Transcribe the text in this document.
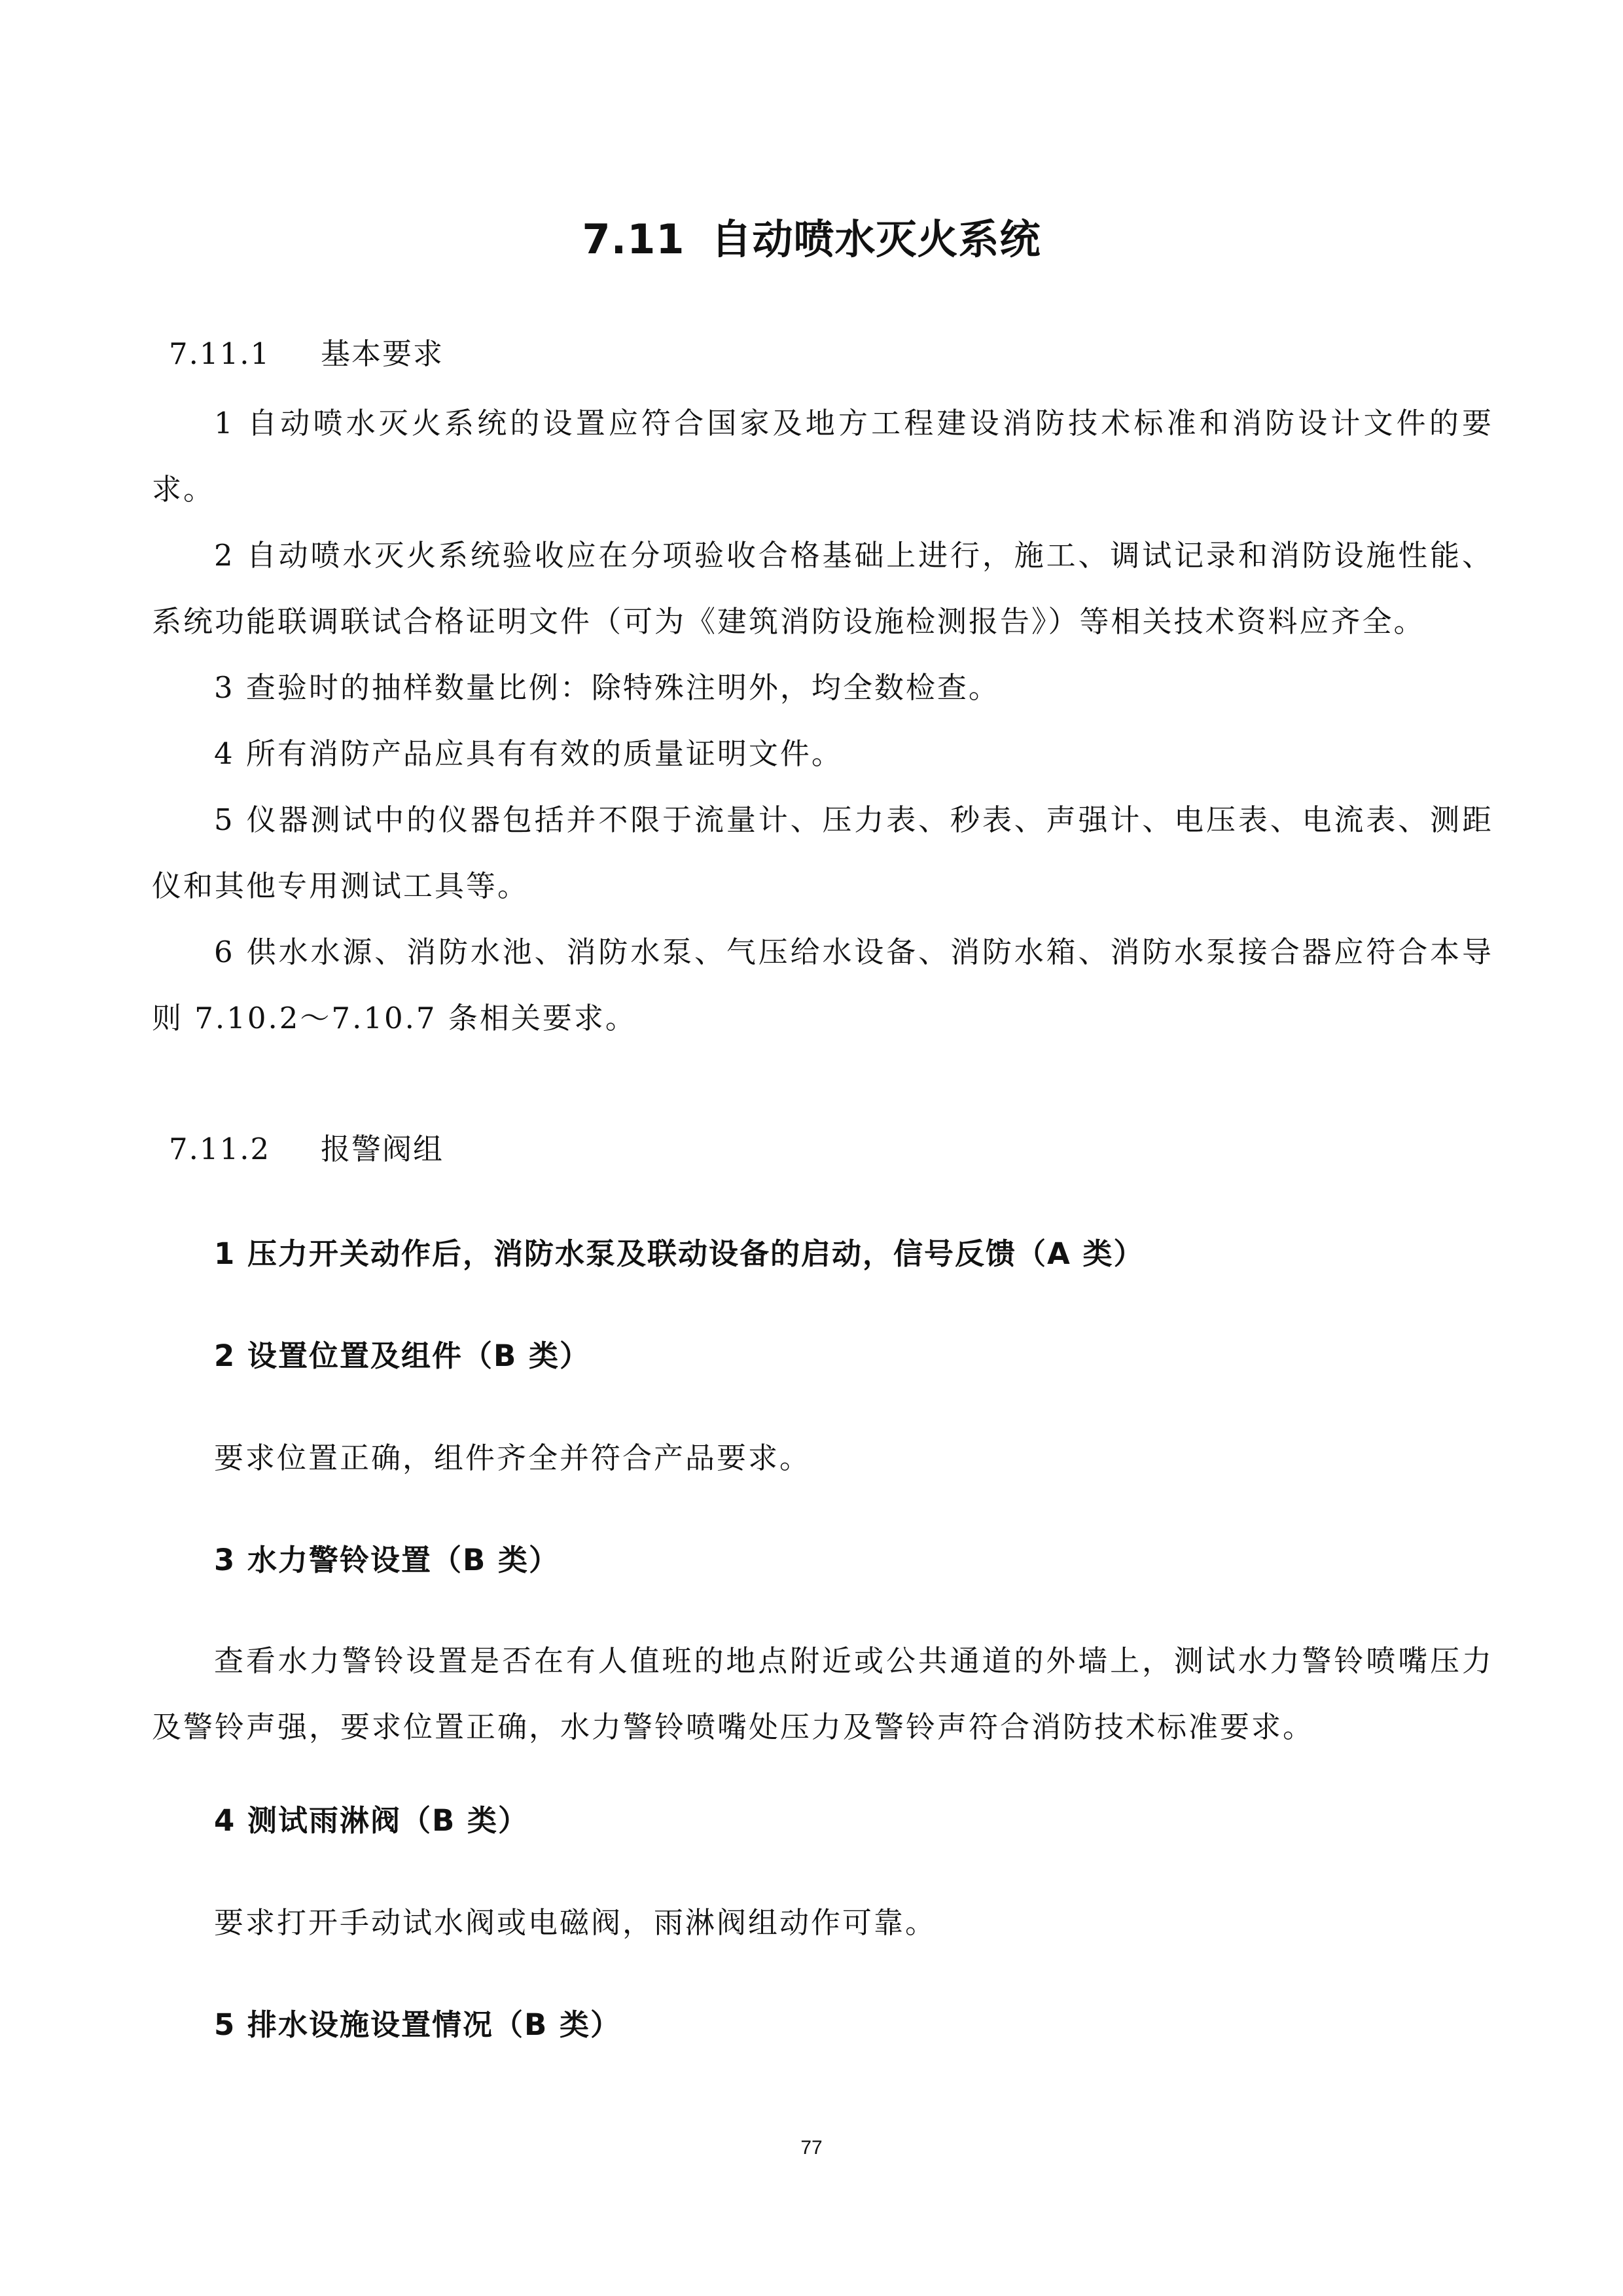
7.11 自动喷水灭火系统
7.11.1 基本要求
1 自动喷水灭火系统的设置应符合国家及地方工程建设消防技术标准和消防设计文件的要求。
2 自动喷水灭火系统验收应在分项验收合格基础上进行，施工、调试记录和消防设施性能、系统功能联调联试合格证明文件（可为《建筑消防设施检测报告》）等相关技术资料应齐全。
3 查验时的抽样数量比例：除特殊注明外，均全数检查。
4 所有消防产品应具有有效的质量证明文件。
5 仪器测试中的仪器包括并不限于流量计、压力表、秒表、声强计、电压表、电流表、测距仪和其他专用测试工具等。
6 供水水源、消防水池、消防水泵、气压给水设备、消防水箱、消防水泵接合器应符合本导则 7.10.2～7.10.7 条相关要求。
7.11.2 报警阀组
1 压力开关动作后，消防水泵及联动设备的启动，信号反馈（A 类）
2 设置位置及组件（B 类）
要求位置正确，组件齐全并符合产品要求。
3 水力警铃设置（B 类）
查看水力警铃设置是否在有人值班的地点附近或公共通道的外墙上，测试水力警铃喷嘴压力及警铃声强，要求位置正确，水力警铃喷嘴处压力及警铃声符合消防技术标准要求。
4 测试雨淋阀（B 类）
要求打开手动试水阀或电磁阀，雨淋阀组动作可靠。
5 排水设施设置情况（B 类）
77
